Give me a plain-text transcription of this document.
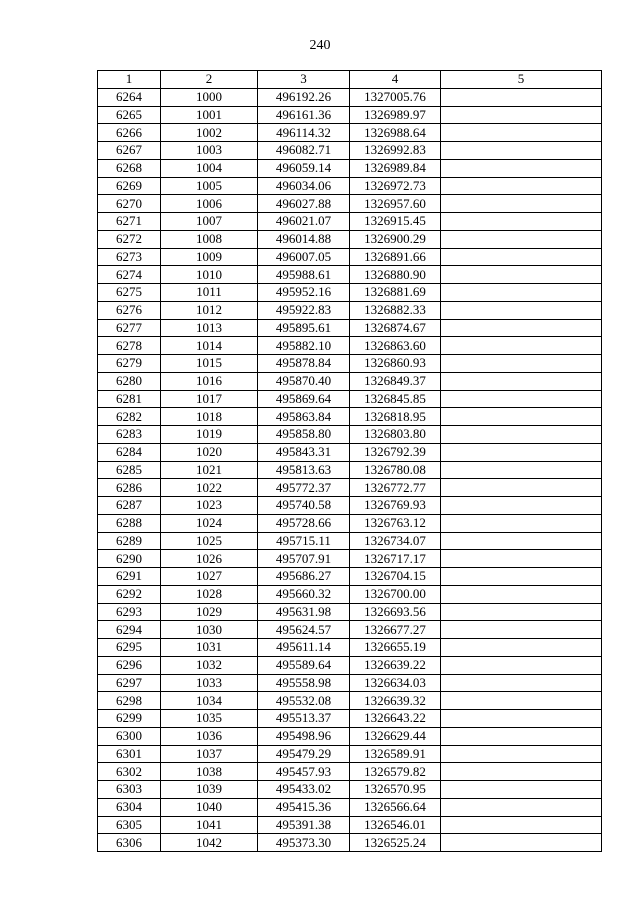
240
1	2	3	4	5
6264	1000	496192.26	1327005.76	
6265	1001	496161.36	1326989.97	
6266	1002	496114.32	1326988.64	
6267	1003	496082.71	1326992.83	
6268	1004	496059.14	1326989.84	
6269	1005	496034.06	1326972.73	
6270	1006	496027.88	1326957.60	
6271	1007	496021.07	1326915.45	
6272	1008	496014.88	1326900.29	
6273	1009	496007.05	1326891.66	
6274	1010	495988.61	1326880.90	
6275	1011	495952.16	1326881.69	
6276	1012	495922.83	1326882.33	
6277	1013	495895.61	1326874.67	
6278	1014	495882.10	1326863.60	
6279	1015	495878.84	1326860.93	
6280	1016	495870.40	1326849.37	
6281	1017	495869.64	1326845.85	
6282	1018	495863.84	1326818.95	
6283	1019	495858.80	1326803.80	
6284	1020	495843.31	1326792.39	
6285	1021	495813.63	1326780.08	
6286	1022	495772.37	1326772.77	
6287	1023	495740.58	1326769.93	
6288	1024	495728.66	1326763.12	
6289	1025	495715.11	1326734.07	
6290	1026	495707.91	1326717.17	
6291	1027	495686.27	1326704.15	
6292	1028	495660.32	1326700.00	
6293	1029	495631.98	1326693.56	
6294	1030	495624.57	1326677.27	
6295	1031	495611.14	1326655.19	
6296	1032	495589.64	1326639.22	
6297	1033	495558.98	1326634.03	
6298	1034	495532.08	1326639.32	
6299	1035	495513.37	1326643.22	
6300	1036	495498.96	1326629.44	
6301	1037	495479.29	1326589.91	
6302	1038	495457.93	1326579.82	
6303	1039	495433.02	1326570.95	
6304	1040	495415.36	1326566.64	
6305	1041	495391.38	1326546.01	
6306	1042	495373.30	1326525.24	
